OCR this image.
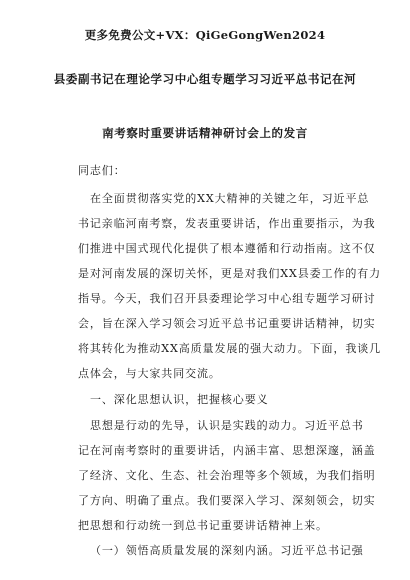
更多免费公文+VX：QiGeGongWen2024
县委副书记在理论学习中心组专题学习习近平总书记在河
南考察时重要讲话精神研讨会上的发言
同志们：
在全面贯彻落实党的XX大精神的关键之年，习近平总
书记亲临河南考察，发表重要讲话，作出重要指示，为我
们推进中国式现代化提供了根本遵循和行动指南。这不仅
是对河南发展的深切关怀，更是对我们XX县委工作的有力
指导。今天，我们召开县委理论学习中心组专题学习研讨
会，旨在深入学习领会习近平总书记重要讲话精神，切实
将其转化为推动XX高质量发展的强大动力。下面，我谈几
点体会，与大家共同交流。
一、深化思想认识，把握核心要义
思想是行动的先导，认识是实践的动力。习近平总书
记在河南考察时的重要讲话，内涵丰富、思想深邃，涵盖
了经济、文化、生态、社会治理等多个领域，为我们指明
了方向、明确了重点。我们要深入学习、深刻领会，切实
把思想和行动统一到总书记重要讲话精神上来。
（一）领悟高质量发展的深刻内涵。习近平总书记强
